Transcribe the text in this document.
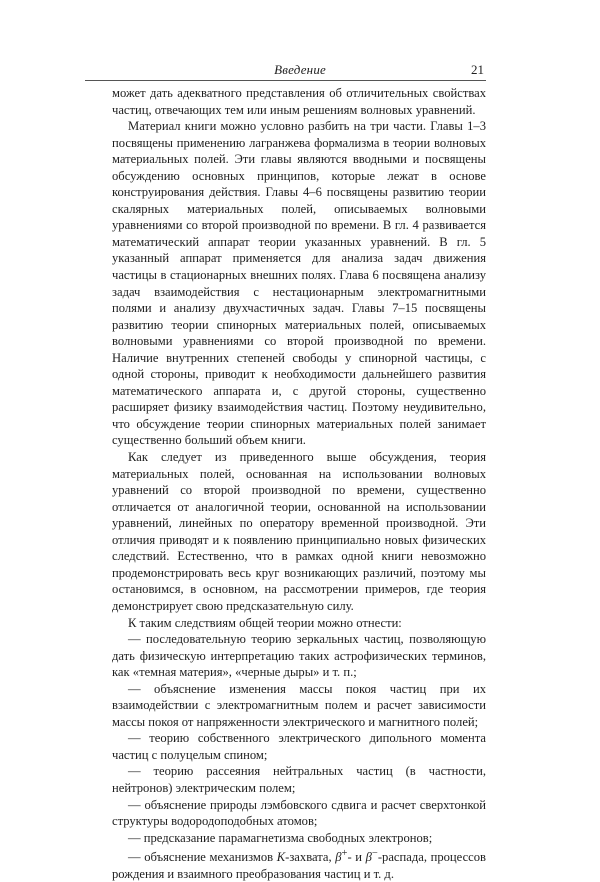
Введение	21

может дать адекватного представления об отличительных свойствах частиц, отвечающих тем или иным решениям волновых уравнений.

Материал книги можно условно разбить на три части. Главы 1–3 посвящены применению лагранжева формализма в теории волновых материальных полей. Эти главы являются вводными и посвящены обсуждению основных принципов, которые лежат в основе конструирования действия. Главы 4–6 посвящены развитию теории скалярных материальных полей, описываемых волновыми уравнениями со второй производной по времени. В гл. 4 развивается математический аппарат теории указанных уравнений. В гл. 5 указанный аппарат применяется для анализа задач движения частицы в стационарных внешних полях. Глава 6 посвящена анализу задач взаимодействия с нестационарным электромагнитными полями и анализу двухчастичных задач. Главы 7–15 посвящены развитию теории спинорных материальных полей, описываемых волновыми уравнениями со второй производной по времени. Наличие внутренних степеней свободы у спинорной частицы, с одной стороны, приводит к необходимости дальнейшего развития математического аппарата и, с другой стороны, существенно расширяет физику взаимодействия частиц. Поэтому неудивительно, что обсуждение теории спинорных материальных полей занимает существенно больший объем книги.

Как следует из приведенного выше обсуждения, теория материальных полей, основанная на использовании волновых уравнений со второй производной по времени, существенно отличается от аналогичной теории, основанной на использовании уравнений, линейных по оператору временной производной. Эти отличия приводят и к появлению принципиально новых физических следствий. Естественно, что в рамках одной книги невозможно продемонстрировать весь круг возникающих различий, поэтому мы остановимся, в основном, на рассмотрении примеров, где теория демонстрирует свою предсказательную силу.

К таким следствиям общей теории можно отнести:

— последовательную теорию зеркальных частиц, позволяющую дать физическую интерпретацию таких астрофизических терминов, как «темная материя», «черные дыры» и т. п.;

— объяснение изменения массы покоя частиц при их взаимодействии с электромагнитным полем и расчет зависимости массы покоя от напряженности электрического и магнитного полей;

— теорию собственного электрического дипольного момента частиц с полуцелым спином;

— теорию рассеяния нейтральных частиц (в частности, нейтронов) электрическим полем;

— объяснение природы лэмбовского сдвига и расчет сверхтонкой структуры водородоподобных атомов;

— предсказание парамагнетизма свободных электронов;

— объяснение механизмов K-захвата, β+- и β−-распада, процессов рождения и взаимного преобразования частиц и т. д.
